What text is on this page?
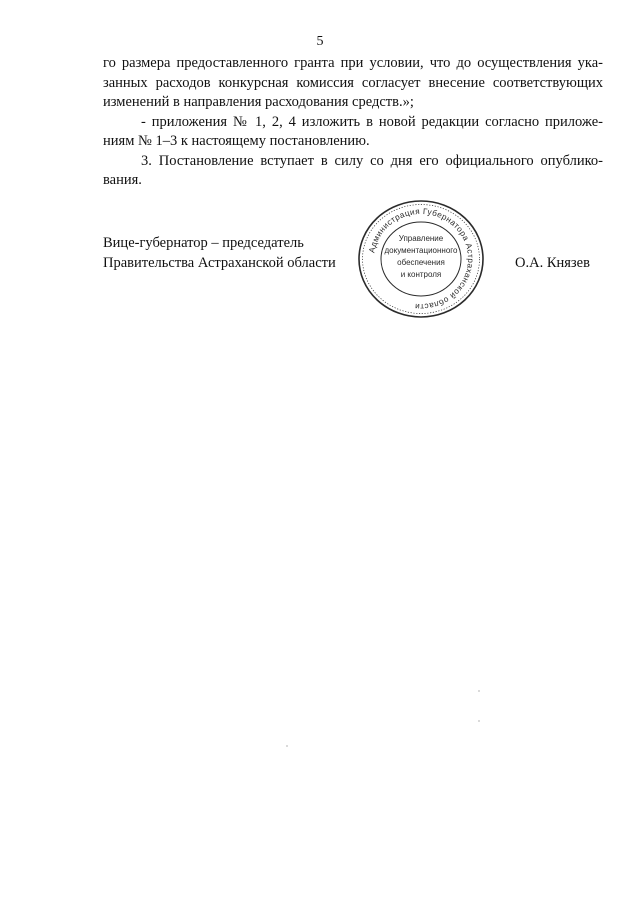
5
го размера предоставленного гранта при условии, что до осуществления ука-
занных расходов конкурсная комиссия согласует внесение соответствующих
изменений в направления расходования средств.»;
- приложения № 1, 2, 4 изложить в новой редакции согласно приложе-
ниям № 1–3 к настоящему постановлению.
3. Постановление вступает в силу со дня его официального опублико-
вания.
Вице-губернатор – председатель
Правительства Астраханской области
Администрация Губернатора Астраханской области
Управление
документационного
обеспечения
и контроля
О.А. Князев
